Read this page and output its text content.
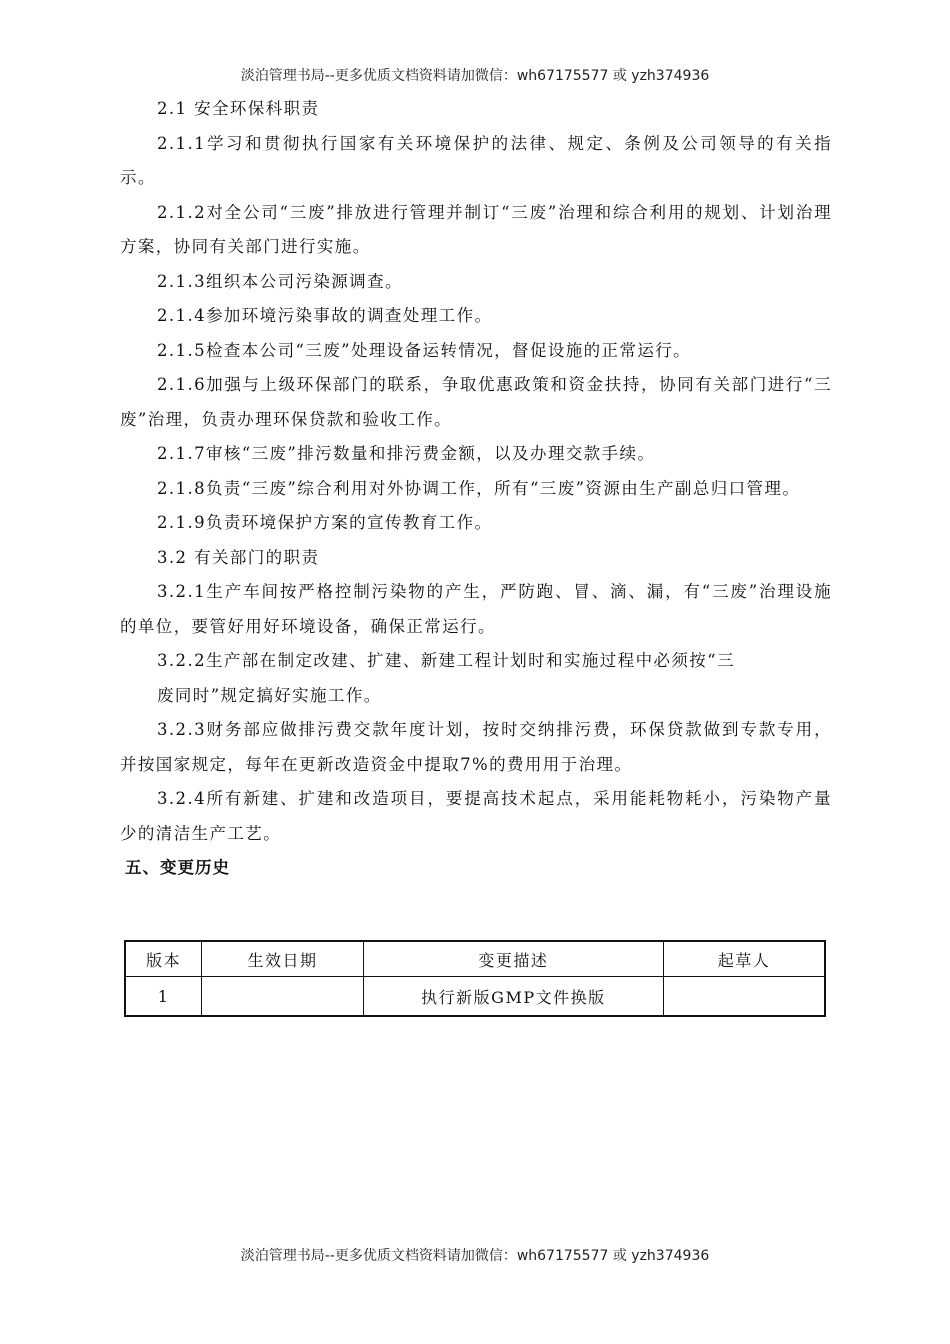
淡泊管理书局--更多优质文档资料请加微信：wh67175577 或 yzh374936

2.1 安全环保科职责

2.1.1学习和贯彻执行国家有关环境保护的法律、规定、条例及公司领导的有关指示。

2.1.2对全公司“三废”排放进行管理并制订“三废”治理和综合利用的规划、计划治理方案，协同有关部门进行实施。

2.1.3组织本公司污染源调查。

2.1.4参加环境污染事故的调查处理工作。

2.1.5检查本公司“三废”处理设备运转情况，督促设施的正常运行。

2.1.6加强与上级环保部门的联系，争取优惠政策和资金扶持，协同有关部门进行“三废”治理，负责办理环保贷款和验收工作。

2.1.7审核“三废”排污数量和排污费金额，以及办理交款手续。

2.1.8负责“三废”综合利用对外协调工作，所有“三废”资源由生产副总归口管理。

2.1.9负责环境保护方案的宣传教育工作。

3.2 有关部门的职责

3.2.1生产车间按严格控制污染物的产生，严防跑、冒、滴、漏，有“三废”治理设施的单位，要管好用好环境设备，确保正常运行。

3.2.2生产部在制定改建、扩建、新建工程计划时和实施过程中必须按“三

废同时”规定搞好实施工作。

3.2.3财务部应做排污费交款年度计划，按时交纳排污费，环保贷款做到专款专用，并按国家规定，每年在更新改造资金中提取7%的费用用于治理。

3.2.4所有新建、扩建和改造项目，要提高技术起点，采用能耗物耗小，污染物产量少的清洁生产工艺。

五、变更历史

版本	生效日期	变更描述	起草人
1		执行新版GMP文件换版	
淡泊管理书局--更多优质文档资料请加微信：wh67175577 或 yzh374936
